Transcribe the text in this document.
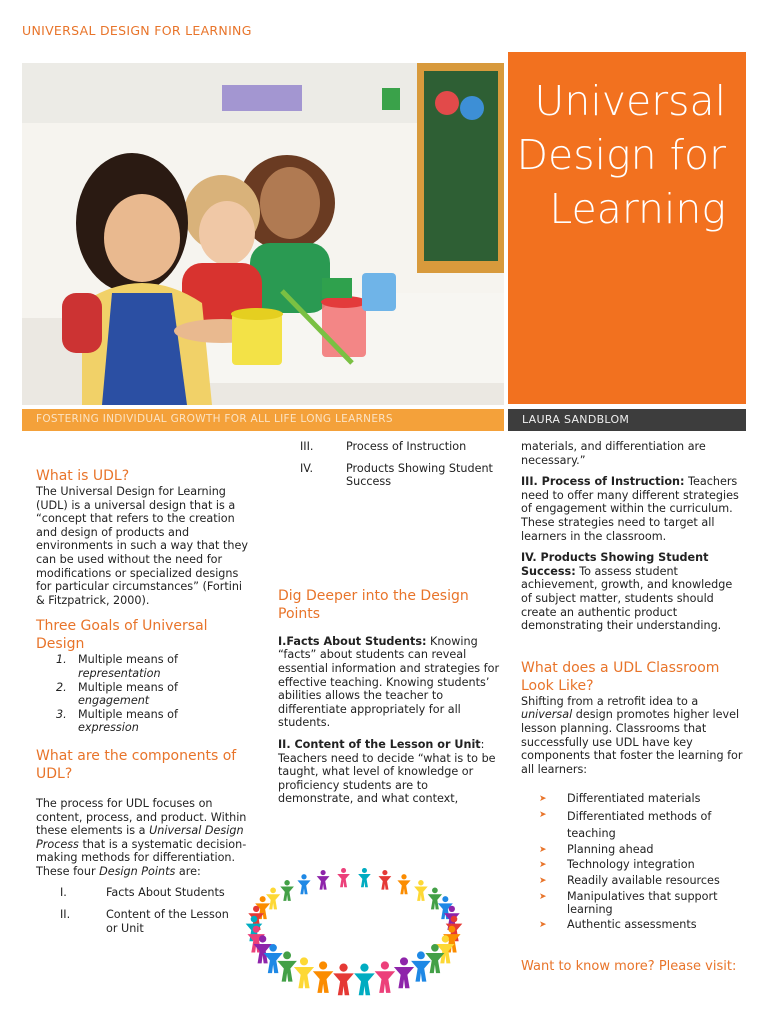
UNIVERSAL DESIGN FOR LEARNING
Universal
Design for
Learning
FOSTERING INDIVIDUAL GROWTH FOR ALL LIFE LONG LEARNERS	LAURA SANDBLOM
What is UDL?

The Universal Design for Learning (UDL) is a universal design that is a “concept that refers to the creation and design of products and environments in such a way that they can be used without the need for modifications or specialized designs for particular circumstances” (Fortini & Fitzpatrick, 2000).

Three Goals of Universal Design
1.	Multiple means of
representation
2.	Multiple means of
engagement
3.	Multiple means of
expression
What are the components of UDL?

The process for UDL focuses on content, process, and product. Within these elements is a Universal Design Process that is a systematic decision-making methods for differentiation. These four Design Points are:

I.	Facts About Students
II.	Content of the Lesson or Unit
III.	Process of Instruction
IV.	Products Showing Student Success
Dig Deeper into the Design Points

I.Facts About Students: Knowing “facts” about students can reveal essential information and strategies for effective teaching. Knowing students’ abilities allows the teacher to differentiate appropriately for all students.

II. Content of the Lesson or Unit: Teachers need to decide “what is to be taught, what level of knowledge or proficiency students are to demonstrate, and what context,

materials, and differentiation are necessary.”

III. Process of Instruction: Teachers need to offer many different strategies of engagement within the curriculum. These strategies need to target all learners in the classroom.

IV. Products Showing Student Success: To assess student achievement, growth, and knowledge of subject matter, students should create an authentic product demonstrating their understanding.

What does a UDL Classroom Look Like?

Shifting from a retrofit idea to a universal design promotes higher level lesson planning. Classrooms that successfully use UDL have key components that foster the learning for all learners:

➤	Differentiated materials
➤	Differentiated methods of teaching
➤	Planning ahead
➤	Technology integration
➤	Readily available resources
➤	Manipulatives that support learning
➤	Authentic assessments
Want to know more? Please visit:
